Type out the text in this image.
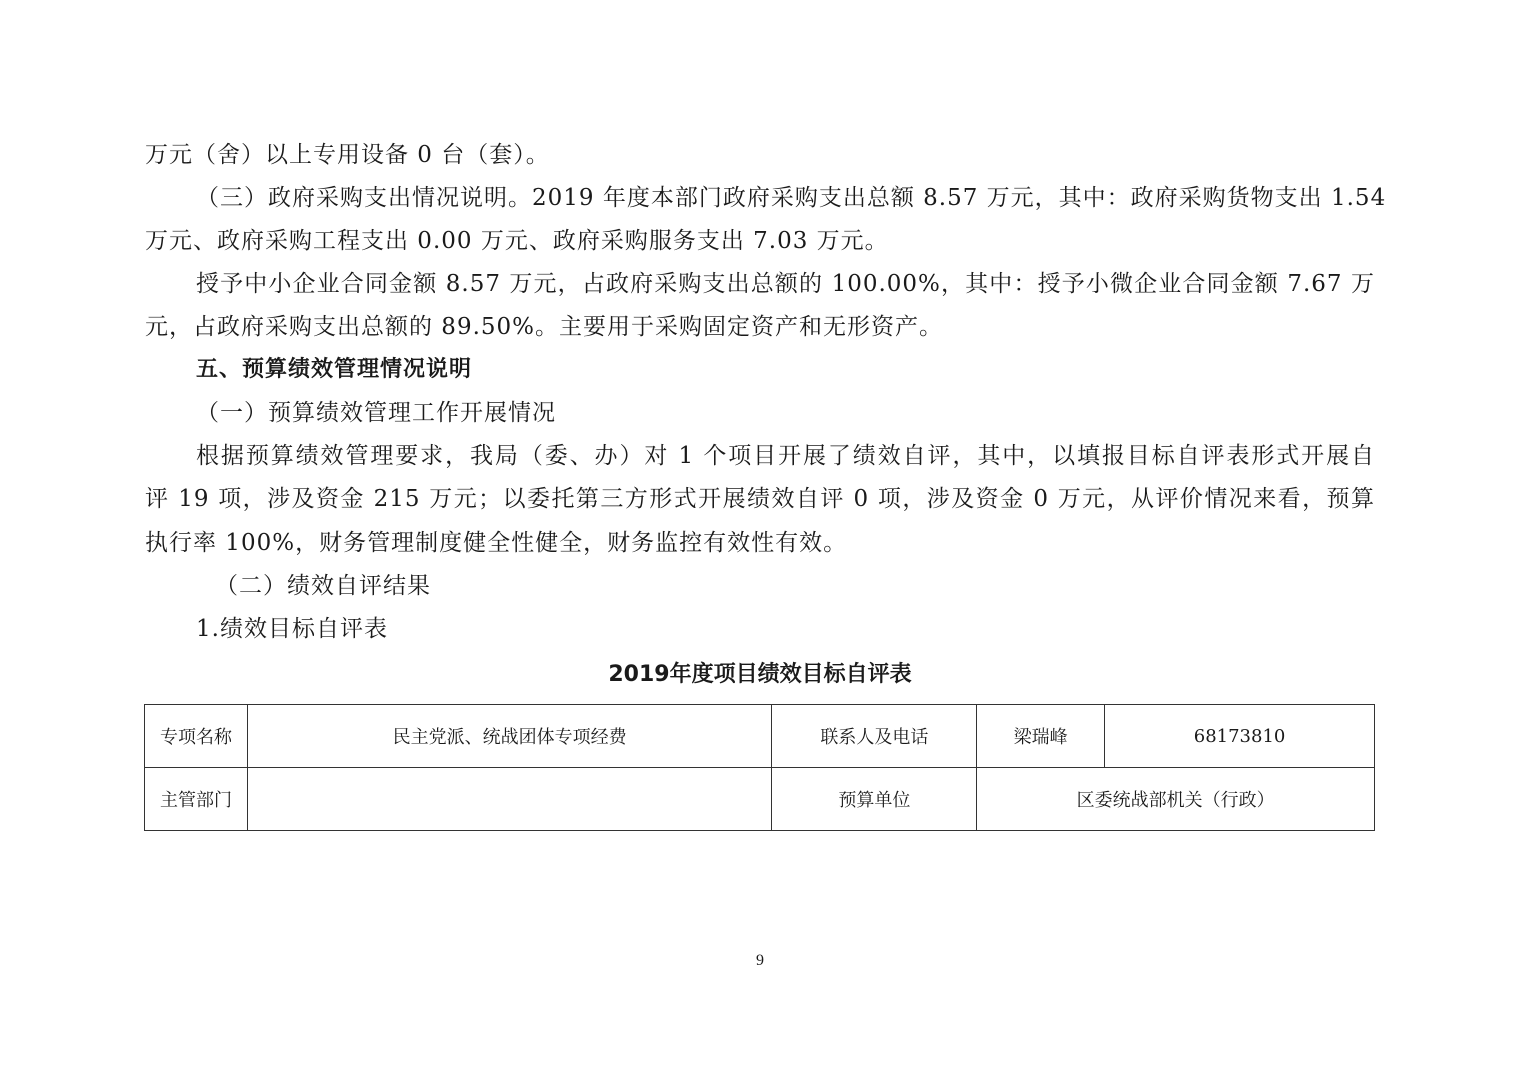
万元（舍）以上专用设备 0 台（套）。
（三）政府采购支出情况说明。2019 年度本部门政府采购支出总额 8.57 万元，其中：政府采购货物支出 1.54
万元、政府采购工程支出 0.00 万元、政府采购服务支出 7.03 万元。
授予中小企业合同金额 8.57 万元，占政府采购支出总额的 100.00%，其中：授予小微企业合同金额 7.67 万
元，占政府采购支出总额的 89.50%。主要用于采购固定资产和无形资产。
五、预算绩效管理情况说明
（一）预算绩效管理工作开展情况
根据预算绩效管理要求，我局（委、办）对 1 个项目开展了绩效自评，其中，以填报目标自评表形式开展自
评 19 项，涉及资金 215 万元；以委托第三方形式开展绩效自评 0 项，涉及资金 0 万元，从评价情况来看，预算
执行率 100%，财务管理制度健全性健全，财务监控有效性有效。
（二）绩效自评结果
1.绩效目标自评表
2019年度项目绩效目标自评表
专项名称	民主党派、统战团体专项经费	联系人及电话	梁瑞峰	68173810
主管部门		预算单位	区委统战部机关（行政）	
9
